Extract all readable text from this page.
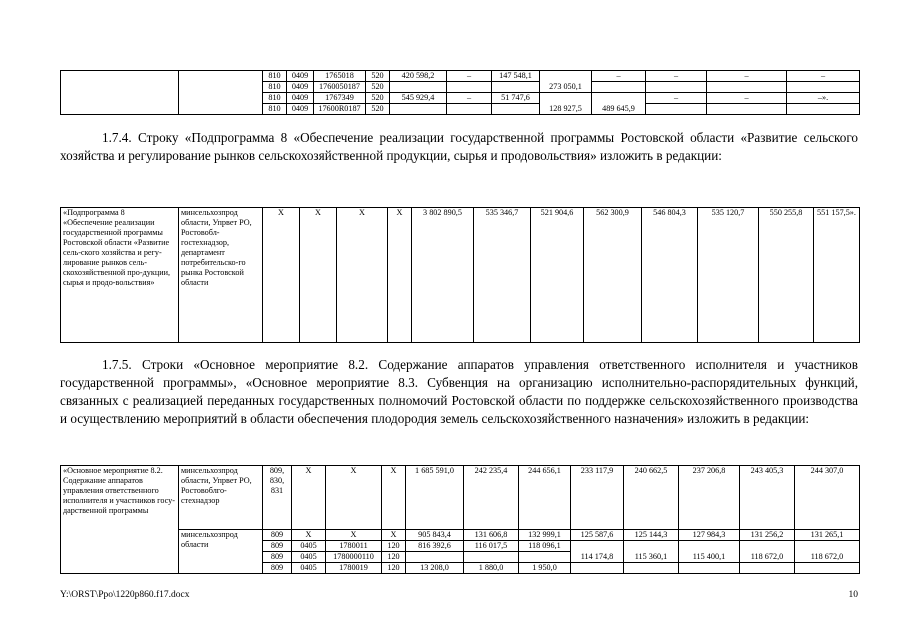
		810	0409	1765018	520	420 598,2	–	147 548,1	273 050,1	–	–	–	–
		810	0409	1760050187	520								
		810	0409	1767349	520	545 929,4	–	51 747,6	128 927,5	489 645,9	–	–	–».
		810	0409	17600R0187	520								

1.7.4. Строку «Подпрограмма 8 «Обеспечение реализации государственной программы Ростовской области «Развитие сельского хозяйства и регулирование рынков сельскохозяйственной продукции, сырья и продовольствия» изложить в редакции:

«Подпрограмма 8 «Обеспечение реализации государственной программы Ростовской области «Развитие сель-ского хозяйства и регу-лирование рынков сель-скохозяйственной про-дукции, сырья и продо-вольствия»	минсельхозпрод области, Упрвет РО, Ростовобл-гостехнадзор, департамент потребительско-го рынка Ростовской области	Х	Х	Х	Х	3 802 890,5	535 346,7	521 904,6	562 300,9	546 804,3	535 120,7	550 255,8	551 157,5».

1.7.5. Строки «Основное мероприятие 8.2. Содержание аппаратов управления ответственного исполнителя и участников государственной программы», «Основное мероприятие 8.3. Субвенция на организацию исполнительно-распорядительных функций, связанных с реализацией переданных государственных полномочий Ростовской области по поддержке сельскохозяйственного производства и осуществлению мероприятий в области обеспечения плодородия земель сельскохозяйственного назначения» изложить в редакции:

«Основное мероприятие 8.2. Содержание аппаратов управления ответственного исполнителя и участников госу-дарственной программы	минсельхозпрод области, Упрвет РО, Ростовоблго-стехнадзор	809, 830, 831	Х	Х	Х	1 685 591,0	242 235,4	244 656,1	233 117,9	240 662,5	237 206,8	243 405,3	244 307,0
	минсельхозпрод области	809	Х	Х	Х	905 843,4	131 606,8	132 999,1	125 587,6	125 144,3	127 984,3	131 256,2	131 265,1
		809	0405	1780011	120	816 392,6	116 017,5	118 096,1	114 174,8	115 360,1	115 400,1	118 672,0	118 672,0
		809	0405	1780000110	120								
		809	0405	1780019	120	13 208,0	1 880,0	1 950,0					
Y:\ORST\Ppo\1220p860.f17.docx	10
